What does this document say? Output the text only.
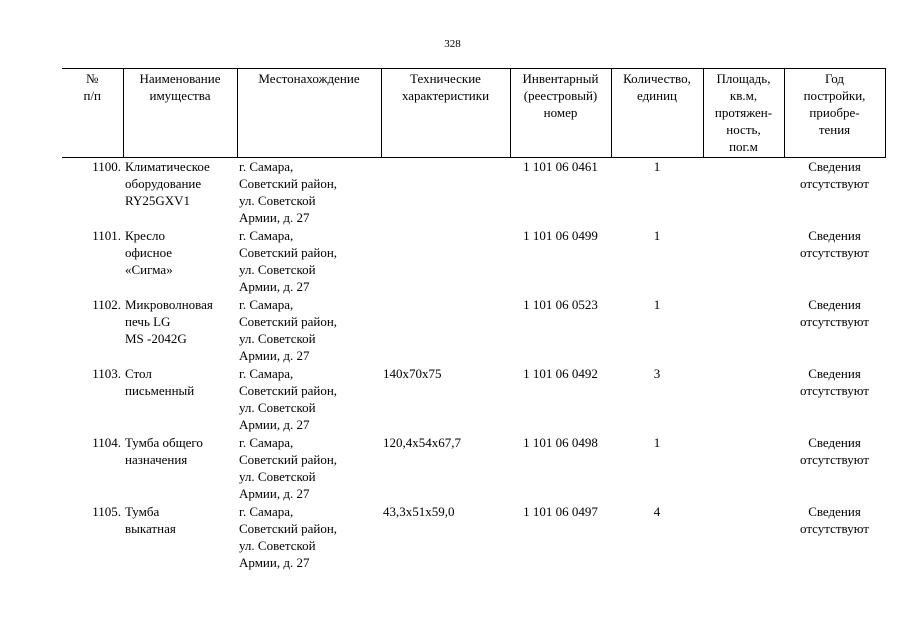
328
№
п/п	Наименование
имущества	Местонахождение	Технические
характеристики	Инвентарный
(реестровый)
номер	Количество,
единиц	Площадь,
кв.м,
протяжен-
ность,
пог.м	Год
постройки,
приобре-
тения
1100.	Климатическое
оборудование
RY25GXV1	г. Самара,
Советский район,
ул. Советской
Армии, д. 27		1 101 06 0461	1		Сведения
отсутствуют
1101.	Кресло
офисное
«Сигма»	г. Самара,
Советский район,
ул. Советской
Армии, д. 27		1 101 06 0499	1		Сведения
отсутствуют
1102.	Микроволновая
печь LG
MS -2042G	г. Самара,
Советский район,
ул. Советской
Армии, д. 27		1 101 06 0523	1		Сведения
отсутствуют
1103.	Стол
письменный	г. Самара,
Советский район,
ул. Советской
Армии, д. 27	140x70x75	1 101 06 0492	3		Сведения
отсутствуют
1104.	Тумба общего
назначения	г. Самара,
Советский район,
ул. Советской
Армии, д. 27	120,4x54x67,7	1 101 06 0498	1		Сведения
отсутствуют
1105.	Тумба
выкатная	г. Самара,
Советский район,
ул. Советской
Армии, д. 27	43,3x51x59,0	1 101 06 0497	4		Сведения
отсутствуют
